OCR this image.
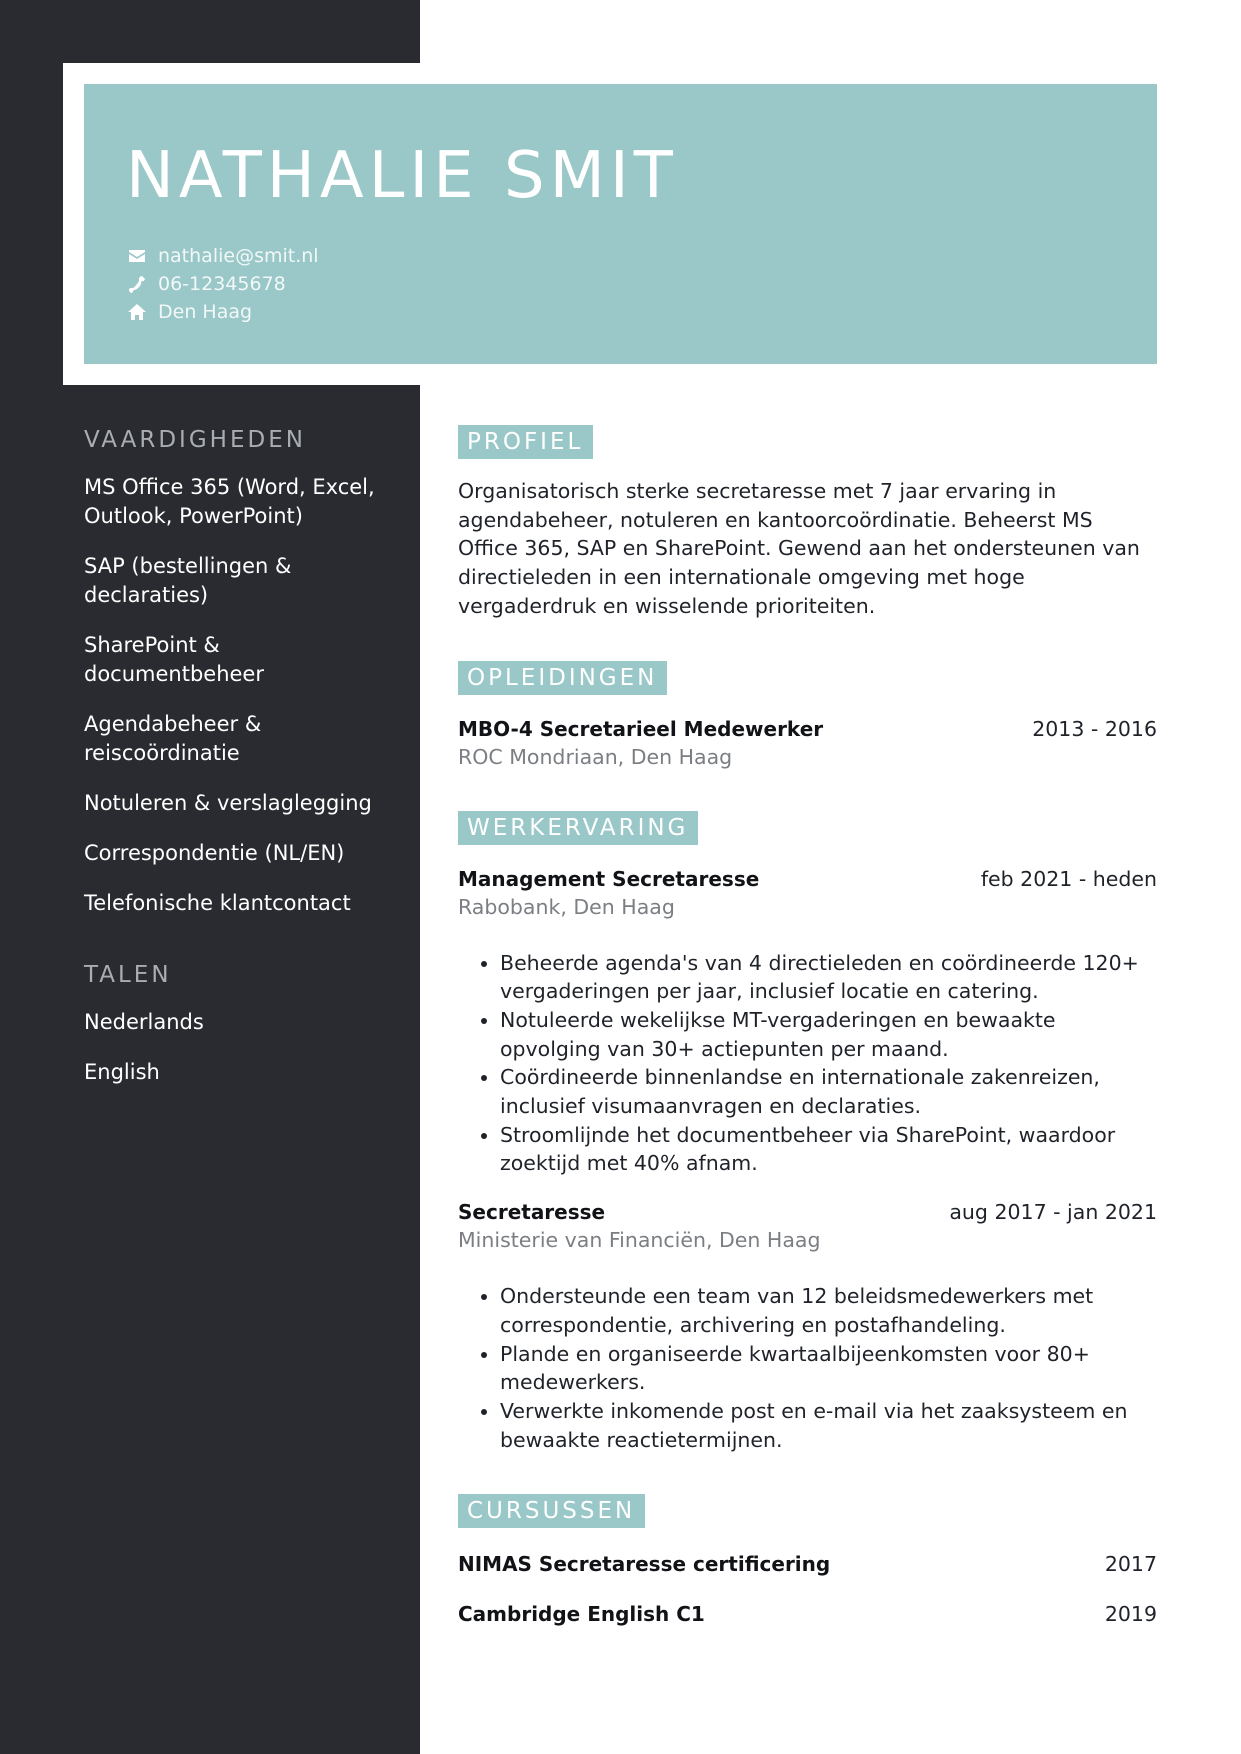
NATHALIE SMIT
nathalie@smit.nl
06-12345678
Den Haag
VAARDIGHEDEN
MS Office 365 (Word, Excel, Outlook, PowerPoint)
SAP (bestellingen & declaraties)
SharePoint & documentbeheer
Agendabeheer & reiscoördinatie
Notuleren & verslaglegging
Correspondentie (NL/EN)
Telefonische klantcontact
TALEN
Nederlands
English
PROFIEL

Organisatorisch sterke secretaresse met 7 jaar ervaring in agendabeheer, notuleren en kantoorcoördinatie. Beheerst MS Office 365, SAP en SharePoint. Gewend aan het ondersteunen van directieleden in een internationale omgeving met hoge vergaderdruk en wisselende prioriteiten.

OPLEIDINGEN
MBO-4 Secretarieel Medewerker	2013 - 2016
ROC Mondriaan, Den Haag
WERKERVARING
Management Secretaresse	feb 2021 - heden
Rabobank, Den Haag
• Beheerde agenda's van 4 directieleden en coördineerde 120+ vergaderingen per jaar, inclusief locatie en catering.
• Notuleerde wekelijkse MT-vergaderingen en bewaakte opvolging van 30+ actiepunten per maand.
• Coördineerde binnenlandse en internationale zakenreizen, inclusief visumaanvragen en declaraties.
• Stroomlijnde het documentbeheer via SharePoint, waardoor zoektijd met 40% afnam.
Secretaresse	aug 2017 - jan 2021
Ministerie van Financiën, Den Haag
• Ondersteunde een team van 12 beleidsmedewerkers met correspondentie, archivering en postafhandeling.
• Plande en organiseerde kwartaalbijeenkomsten voor 80+ medewerkers.
• Verwerkte inkomende post en e-mail via het zaaksysteem en bewaakte reactietermijnen.
CURSUSSEN
NIMAS Secretaresse certificering	2017
Cambridge English C1	2019
